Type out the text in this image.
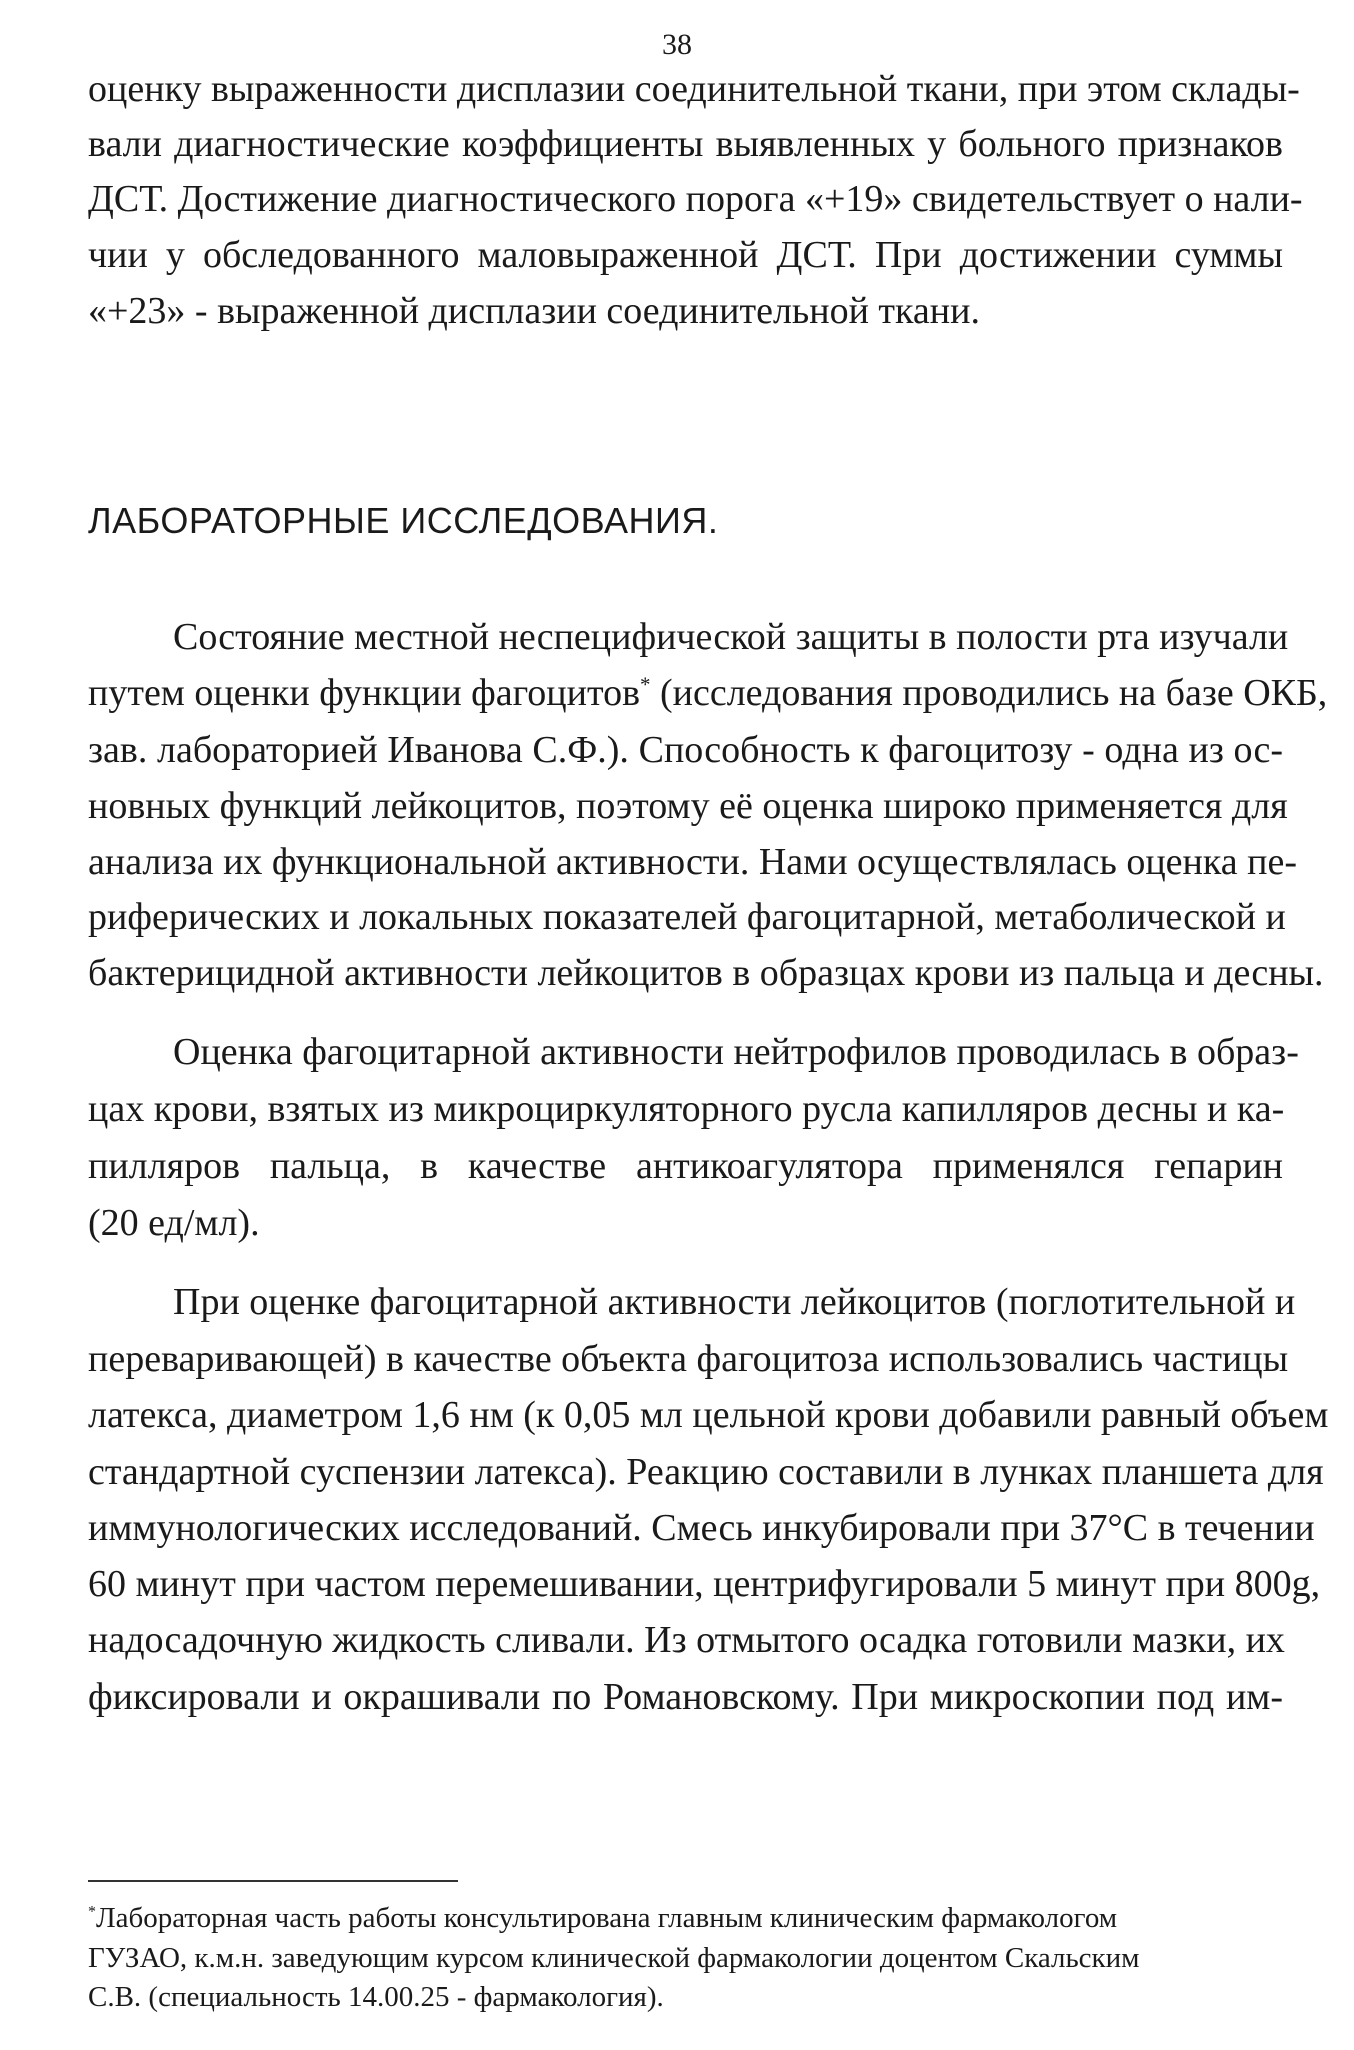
38
оценку выраженности дисплазии соединительной ткани, при этом склады-
вали диагностические коэффициенты выявленных у больного признаков
ДСТ. Достижение диагностического порога «+19» свидетельствует о нали-
чии у обследованного маловыраженной ДСТ. При достижении суммы
«+23» - выраженной дисплазии соединительной ткани.
ЛАБОРАТОРНЫЕ ИССЛЕДОВАНИЯ.
Состояние местной неспецифической защиты в полости рта изучали
путем оценки функции фагоцитов* (исследования проводились на базе ОКБ,
зав. лабораторией Иванова С.Ф.). Способность к фагоцитозу - одна из ос-
новных функций лейкоцитов, поэтому её оценка широко применяется для
анализа их функциональной активности. Нами осуществлялась оценка пе-
риферических и локальных показателей фагоцитарной, метаболической и
бактерицидной активности лейкоцитов в образцах крови из пальца и десны.
Оценка фагоцитарной активности нейтрофилов проводилась в образ-
цах крови, взятых из микроциркуляторного русла капилляров десны и ка-
пилляров пальца, в качестве антикоагулятора применялся гепарин
(20 ед/мл).
При оценке фагоцитарной активности лейкоцитов (поглотительной и
переваривающей) в качестве объекта фагоцитоза использовались частицы
латекса, диаметром 1,6 нм (к 0,05 мл цельной крови добавили равный объем
стандартной суспензии латекса). Реакцию составили в лунках планшета для
иммунологических исследований. Смесь инкубировали при 37°С в течении
60 минут при частом перемешивании, центрифугировали 5 минут при 800g,
надосадочную жидкость сливали. Из отмытого осадка готовили мазки, их
фиксировали и окрашивали по Романовскому. При микроскопии под им-
*Лабораторная часть работы консультирована главным клиническим фармакологом
ГУЗАО, к.м.н. заведующим курсом клинической фармакологии доцентом Скальским
С.В. (специальность 14.00.25 - фармакология).
